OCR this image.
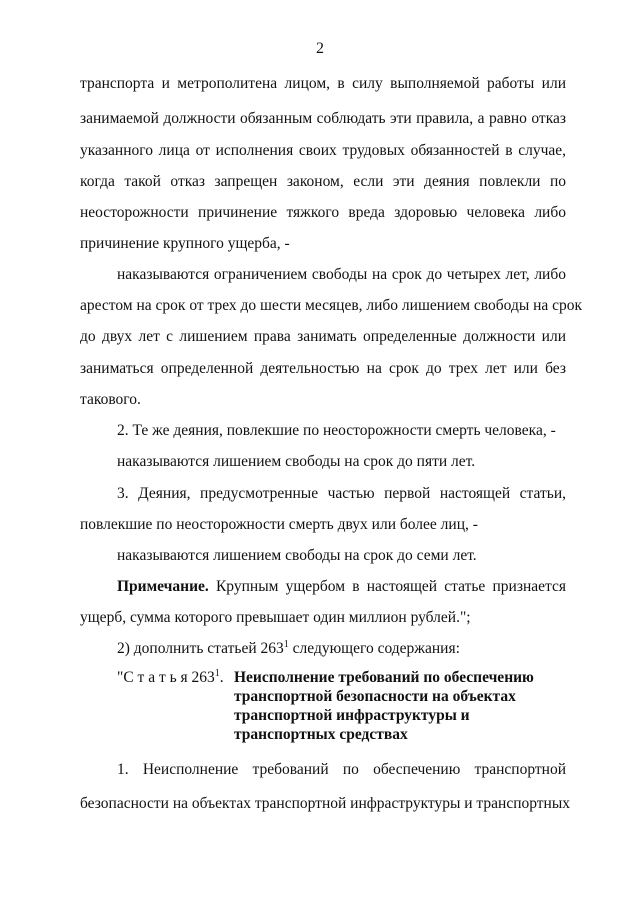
2
транспорта и метрополитена лицом, в силу выполняемой работы или
занимаемой должности обязанным соблюдать эти правила, а равно отказ
указанного лица от исполнения своих трудовых обязанностей в случае,
когда такой отказ запрещен законом, если эти деяния повлекли по
неосторожности причинение тяжкого вреда здоровью человека либо
причинение крупного ущерба, -
наказываются ограничением свободы на срок до четырех лет, либо
арестом на срок от трех до шести месяцев, либо лишением свободы на срок
до двух лет с лишением права занимать определенные должности или
заниматься определенной деятельностью на срок до трех лет или без
такового.
2. Те же деяния, повлекшие по неосторожности смерть человека, -
наказываются лишением свободы на срок до пяти лет.
3. Деяния, предусмотренные частью первой настоящей статьи,
повлекшие по неосторожности смерть двух или более лиц, -
наказываются лишением свободы на срок до семи лет.
Примечание. Крупным ущербом в настоящей статье признается
ущерб, сумма которого превышает один миллион рублей.";
2) дополнить статьей $263^1$ следующего содержания:
"С т а т ь я $263^1$. Неисполнение требований по обеспечению
транспортной безопасности на объектах
транспортной инфраструктуры и
транспортных средствах
1. Неисполнение требований по обеспечению транспортной
безопасности на объектах транспортной инфраструктуры и транспортных
